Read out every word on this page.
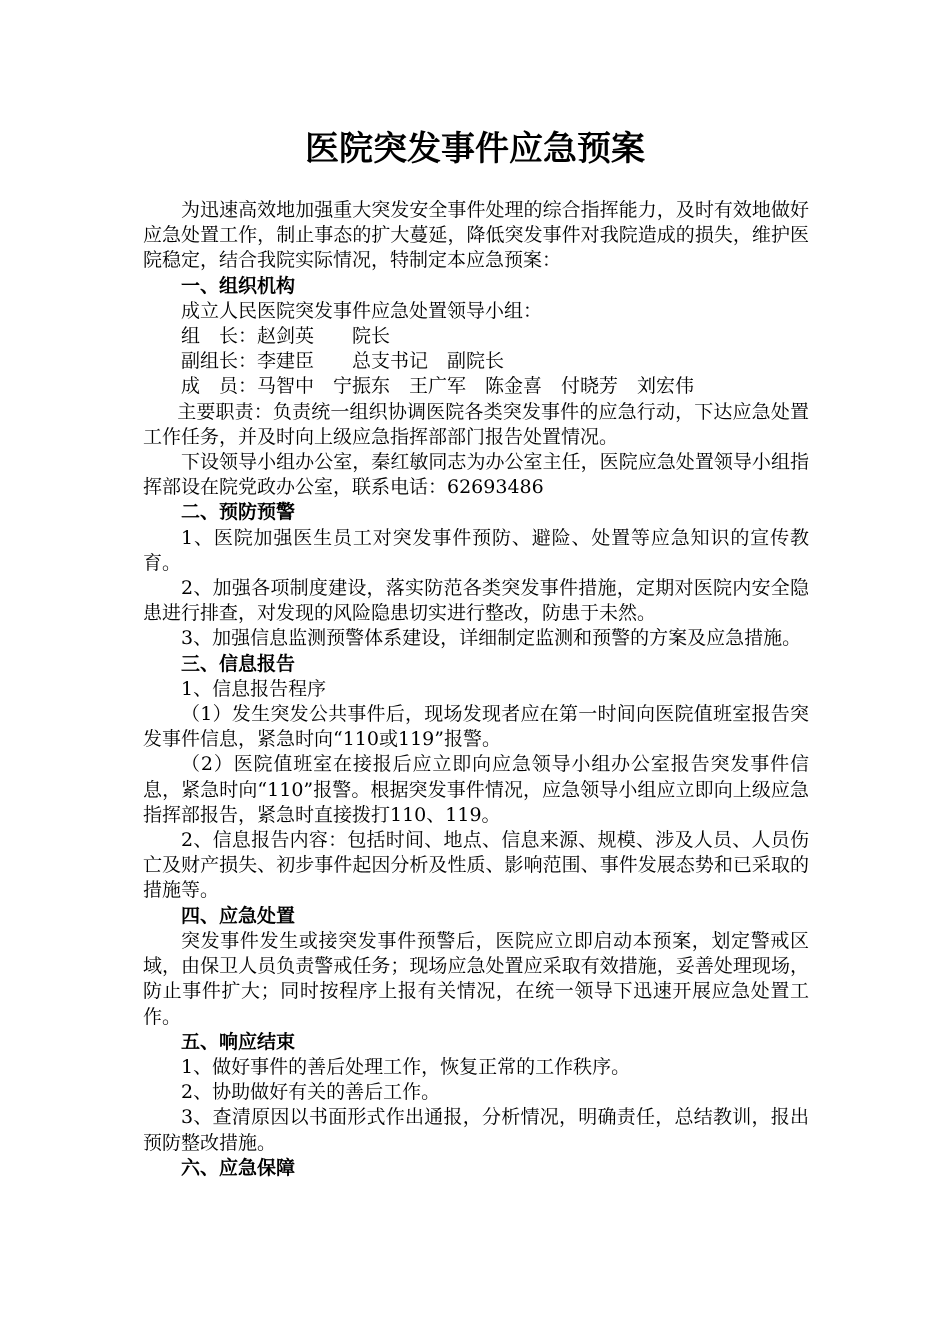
医院突发事件应急预案

为迅速高效地加强重大突发安全事件处理的综合指挥能力，及时有效地做好应急处置工作，制止事态的扩大蔓延，降低突发事件对我院造成的损失，维护医院稳定，结合我院实际情况，特制定本应急预案：

一、组织机构

成立人民医院突发事件应急处置领导小组：

组　长：赵剑英　　院长

副组长：李建臣　　总支书记　副院长

成　员：马智中　宁振东　王广军　陈金喜　付晓芳　刘宏伟

主要职责：负责统一组织协调医院各类突发事件的应急行动，下达应急处置工作任务，并及时向上级应急指挥部部门报告处置情况。

下设领导小组办公室，秦红敏同志为办公室主任，医院应急处置领导小组指挥部设在院党政办公室，联系电话：62693486

二、预防预警

1、医院加强医生员工对突发事件预防、避险、处置等应急知识的宣传教育。

2、加强各项制度建设，落实防范各类突发事件措施，定期对医院内安全隐患进行排查，对发现的风险隐患切实进行整改，防患于未然。

3、加强信息监测预警体系建设，详细制定监测和预警的方案及应急措施。

三、信息报告

1、信息报告程序

（1）发生突发公共事件后，现场发现者应在第一时间向医院值班室报告突发事件信息，紧急时向“110或119”报警。

（2）医院值班室在接报后应立即向应急领导小组办公室报告突发事件信息，紧急时向“110”报警。根据突发事件情况，应急领导小组应立即向上级应急指挥部报告，紧急时直接拨打110、119。

2、信息报告内容：包括时间、地点、信息来源、规模、涉及人员、人员伤亡及财产损失、初步事件起因分析及性质、影响范围、事件发展态势和已采取的措施等。

四、应急处置

突发事件发生或接突发事件预警后，医院应立即启动本预案，划定警戒区域，由保卫人员负责警戒任务；现场应急处置应采取有效措施，妥善处理现场，防止事件扩大；同时按程序上报有关情况，在统一领导下迅速开展应急处置工作。

五、响应结束

1、做好事件的善后处理工作，恢复正常的工作秩序。

2、协助做好有关的善后工作。

3、查清原因以书面形式作出通报，分析情况，明确责任，总结教训，报出预防整改措施。

六、应急保障
